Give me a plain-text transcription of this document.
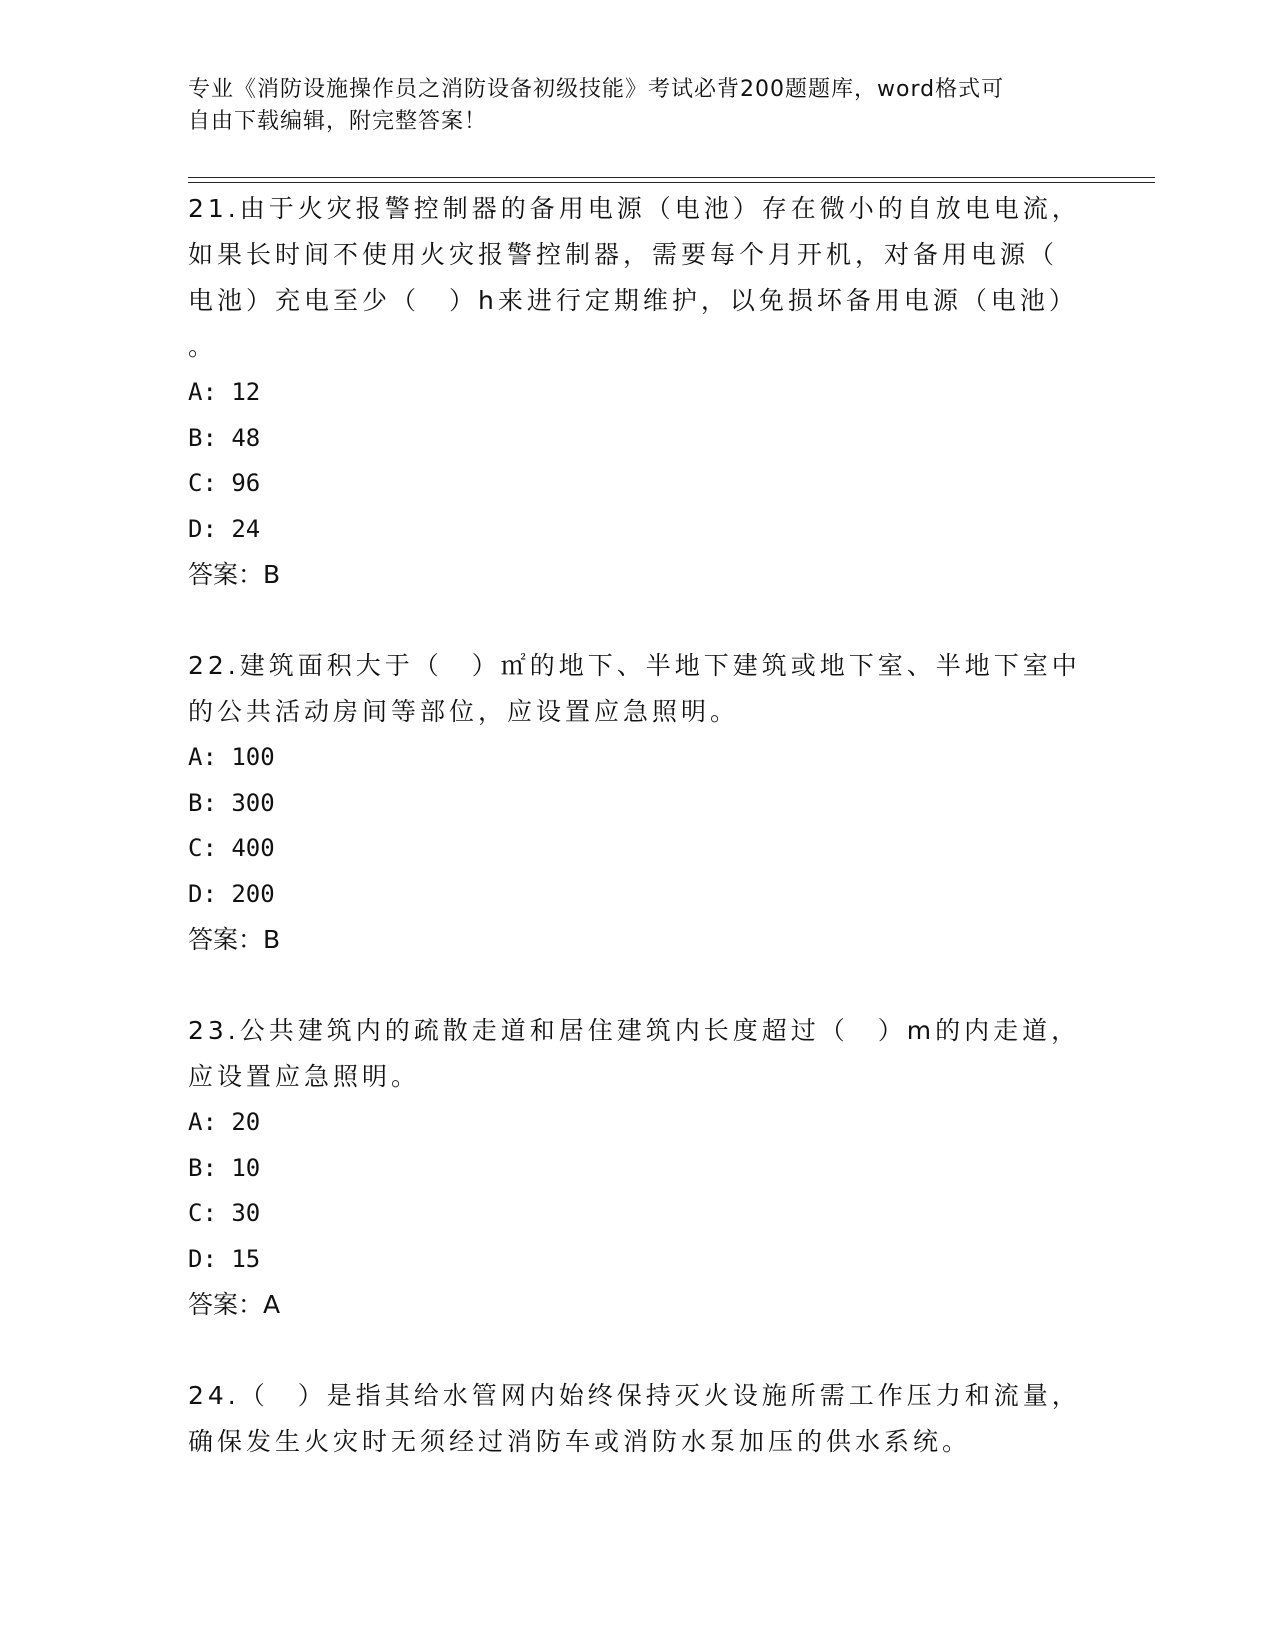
专业《消防设施操作员之消防设备初级技能》考试必背200题题库，word格式可
自由下载编辑，附完整答案！
21.由于火灾报警控制器的备用电源（电池）存在微小的自放电电流，
如果长时间不使用火灾报警控制器，需要每个月开机，对备用电源（
电池）充电至少（　）h来进行定期维护，以免损坏备用电源（电池）
。
A: 12
B: 48
C: 96
D: 24
答案：B
22.建筑面积大于（　）㎡的地下、半地下建筑或地下室、半地下室中
的公共活动房间等部位，应设置应急照明。
A: 100
B: 300
C: 400
D: 200
答案：B
23.公共建筑内的疏散走道和居住建筑内长度超过（　）m的内走道，
应设置应急照明。
A: 20
B: 10
C: 30
D: 15
答案：A
24.（　）是指其给水管网内始终保持灭火设施所需工作压力和流量，
确保发生火灾时无须经过消防车或消防水泵加压的供水系统。
